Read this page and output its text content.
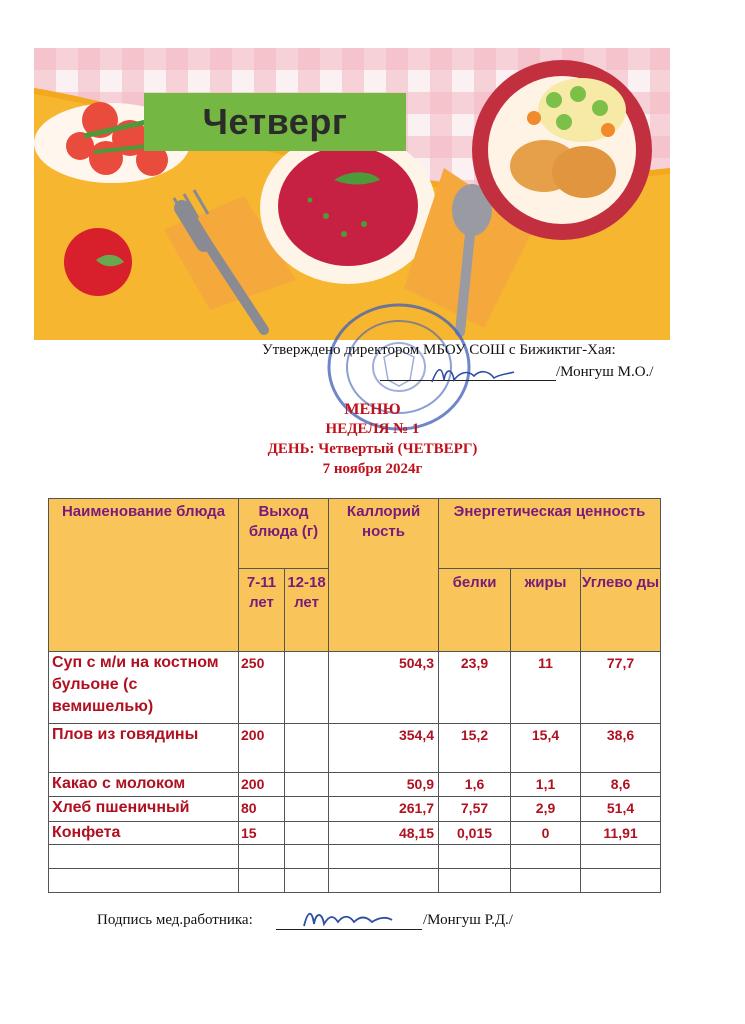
Четверг
Утверждено директором МБОУ СОШ с Бижиктиг-Хая:
/Монгуш М.О./
МЕНЮ
НЕДЕЛЯ № 1
ДЕНЬ: Четвертый (ЧЕТВЕРГ)
7 ноября 2024г
Наименование блюда	Выход блюда (г)		Каллорий ность	Энергетическая ценность		
	7-11 лет	12-18 лет		белки	жиры	Углево ды
Суп с м/и на костном бульоне (с вемишелью)	250		504,3	23,9	11	77,7
Плов из говядины	200		354,4	15,2	15,4	38,6
Какао с молоком	200		50,9	1,6	1,1	8,6
Хлеб пшеничный	80		261,7	7,57	2,9	51,4
Конфета	15		48,15	0,015	0	11,91

Подпись мед.работника:	/Монгуш Р.Д./
